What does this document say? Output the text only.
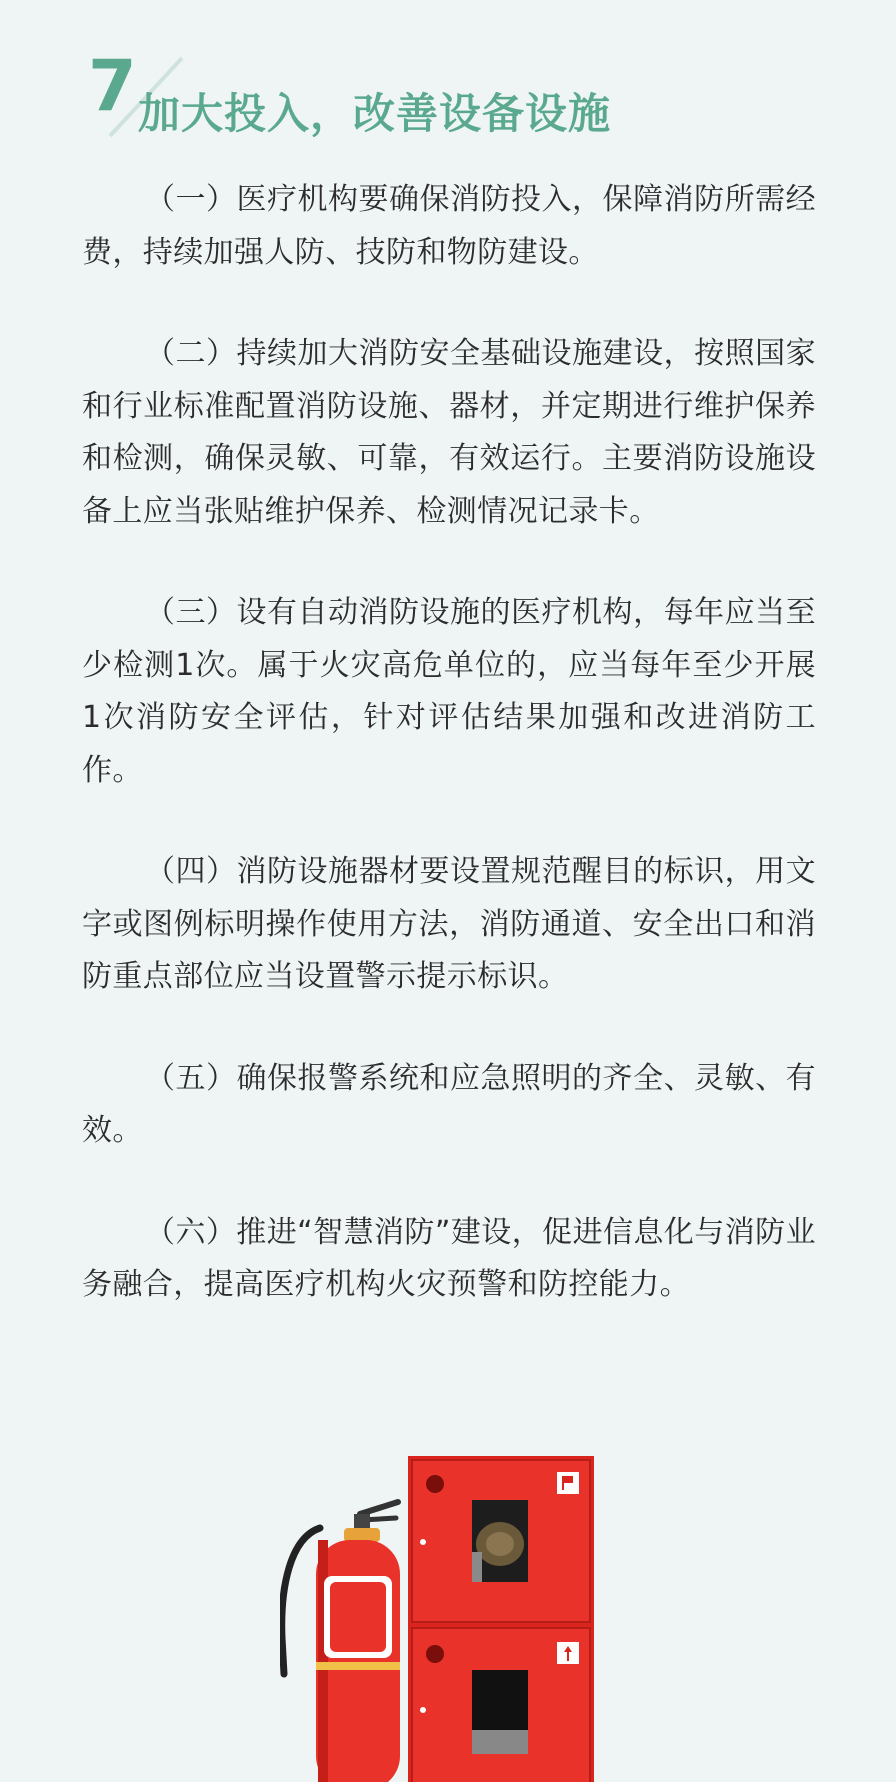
7 加大投入，改善设备设施

（一）医疗机构要确保消防投入，保障消防所需经费，持续加强人防、技防和物防建设。

（二）持续加大消防安全基础设施建设，按照国家和行业标准配置消防设施、器材，并定期进行维护保养和检测，确保灵敏、可靠，有效运行。主要消防设施设备上应当张贴维护保养、检测情况记录卡。

（三）设有自动消防设施的医疗机构，每年应当至少检测1次。属于火灾高危单位的，应当每年至少开展1次消防安全评估，针对评估结果加强和改进消防工作。

（四）消防设施器材要设置规范醒目的标识，用文字或图例标明操作使用方法，消防通道、安全出口和消防重点部位应当设置警示提示标识。

（五）确保报警系统和应急照明的齐全、灵敏、有效。

（六）推进“智慧消防”建设，促进信息化与消防业务融合，提高医疗机构火灾预警和防控能力。
